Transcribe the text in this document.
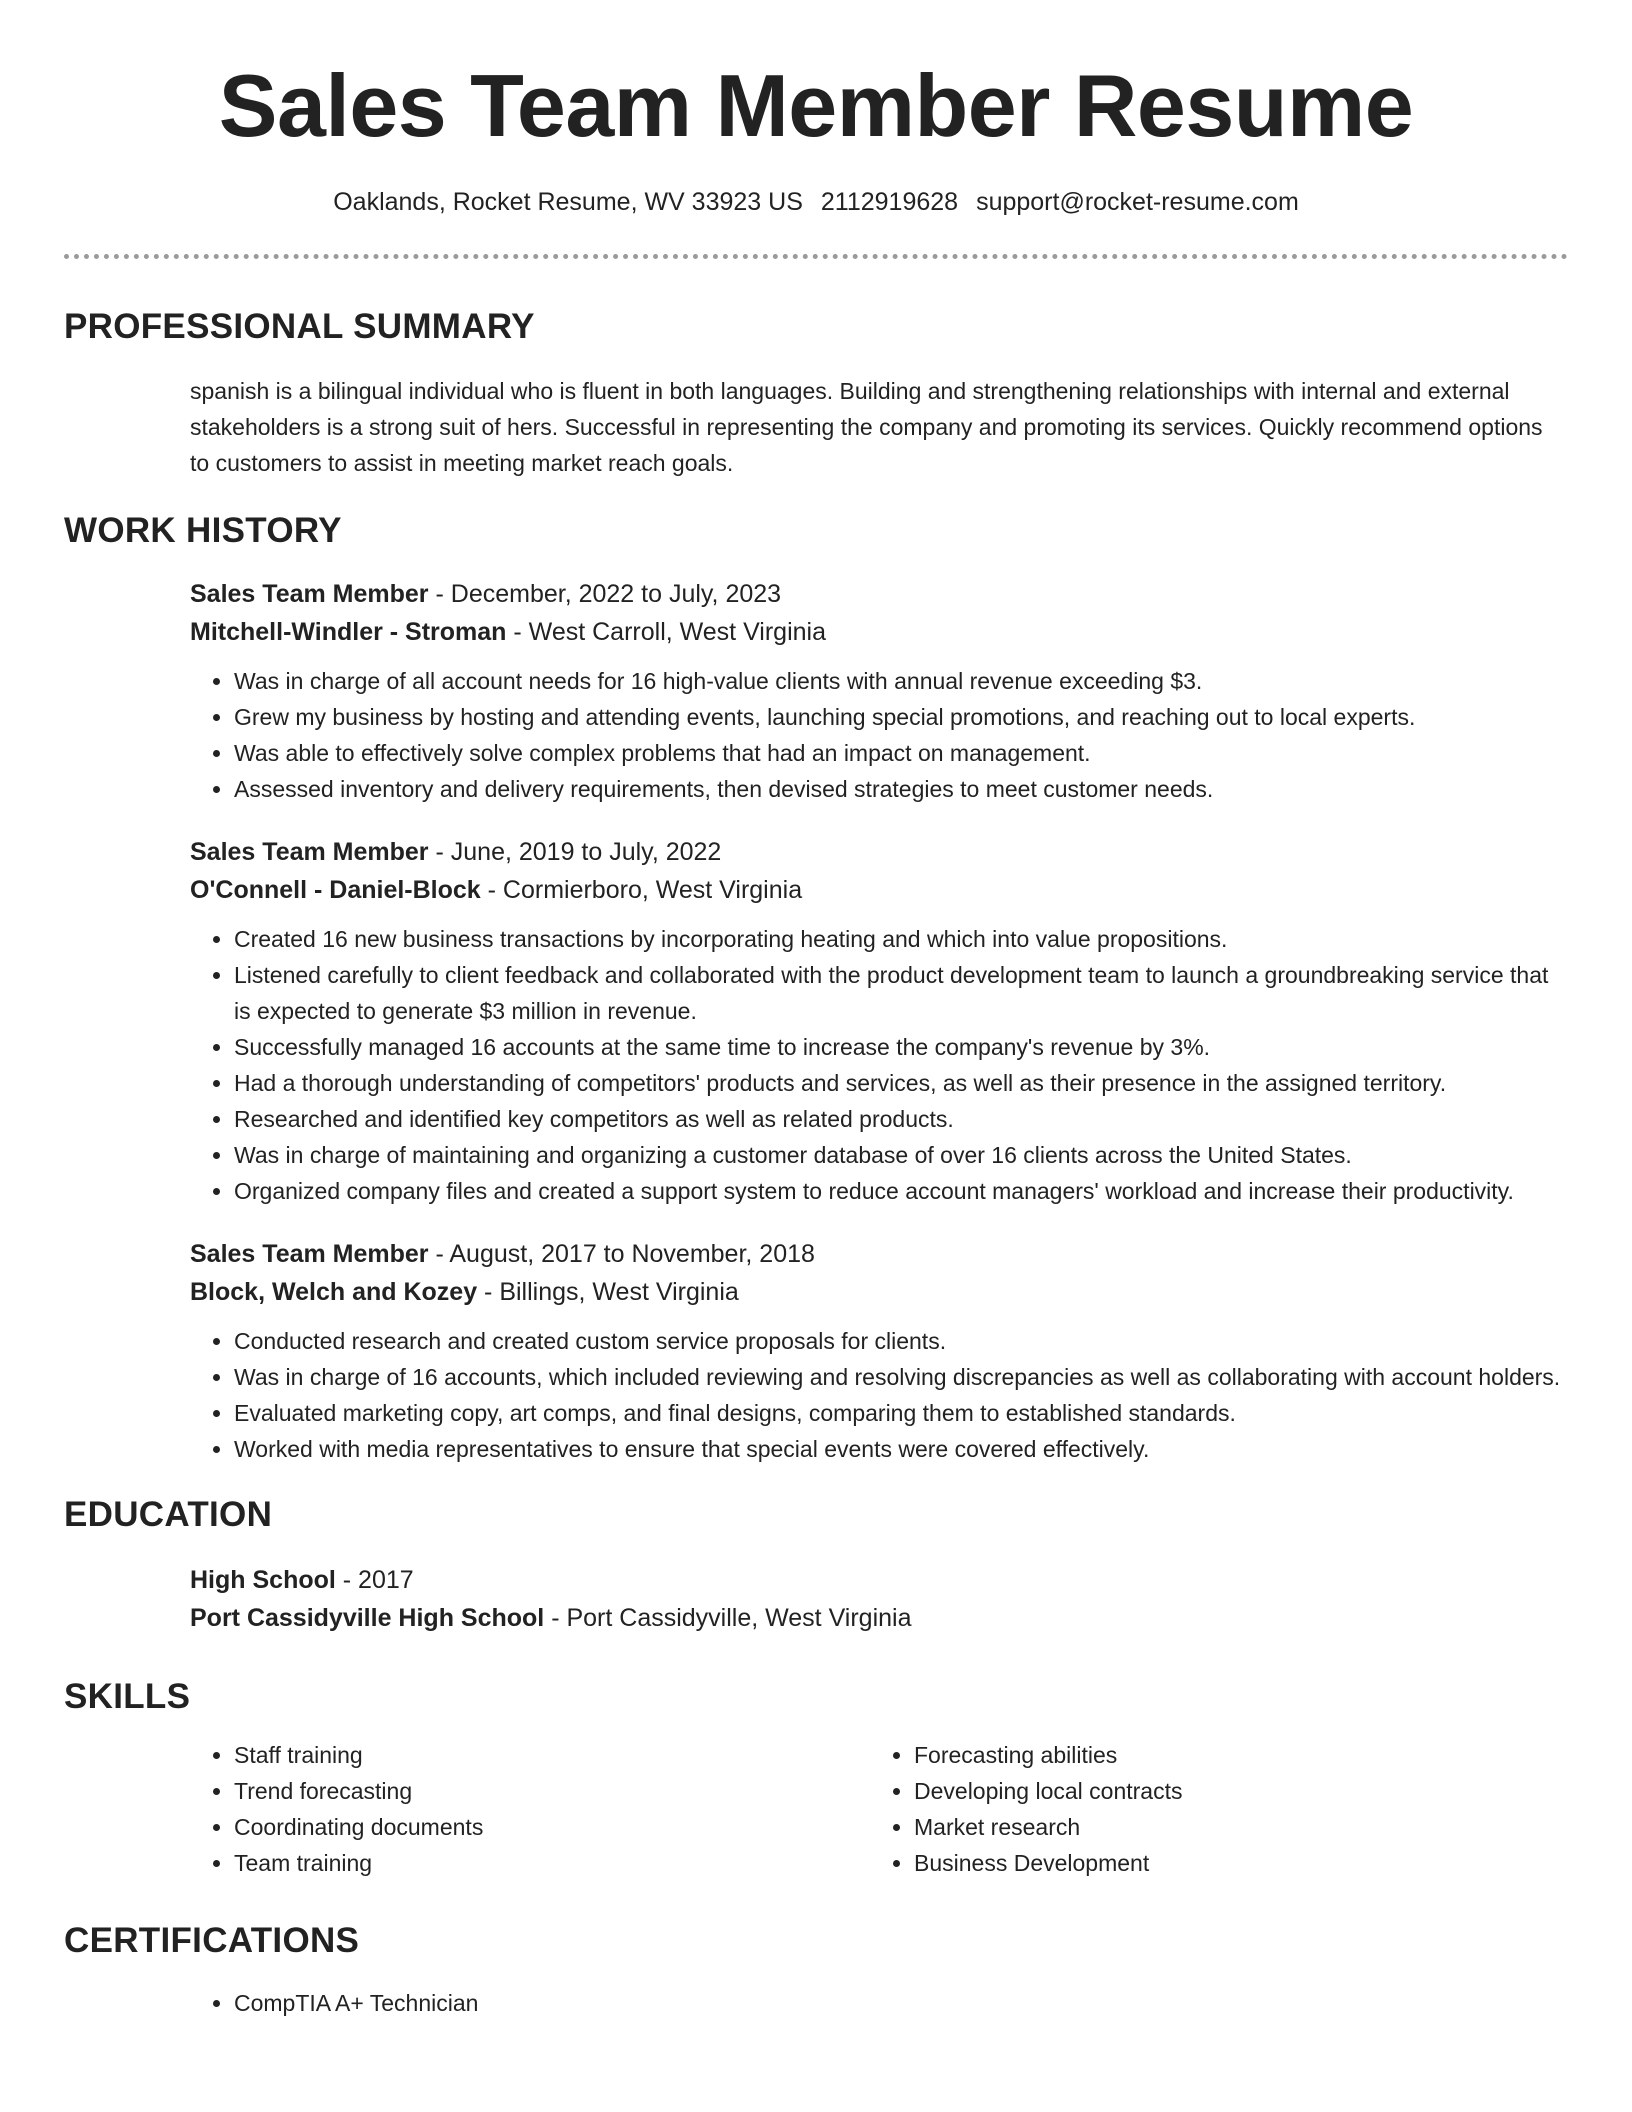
Sales Team Member Resume
Oaklands, Rocket Resume, WV 33923 US 2112919628 support@rocket-resume.com
PROFESSIONAL SUMMARY
spanish is a bilingual individual who is fluent in both languages. Building and strengthening relationships with internal and external stakeholders is a strong suit of hers. Successful in representing the company and promoting its services. Quickly recommend options to customers to assist in meeting market reach goals.
WORK HISTORY
Sales Team Member - December, 2022 to July, 2023
Mitchell-Windler - Stroman - West Carroll, West Virginia
• Was in charge of all account needs for 16 high-value clients with annual revenue exceeding $3.
• Grew my business by hosting and attending events, launching special promotions, and reaching out to local experts.
• Was able to effectively solve complex problems that had an impact on management.
• Assessed inventory and delivery requirements, then devised strategies to meet customer needs.
Sales Team Member - June, 2019 to July, 2022
O'Connell - Daniel-Block - Cormierboro, West Virginia
• Created 16 new business transactions by incorporating heating and which into value propositions.
• Listened carefully to client feedback and collaborated with the product development team to launch a groundbreaking service that is expected to generate $3 million in revenue.
• Successfully managed 16 accounts at the same time to increase the company's revenue by 3%.
• Had a thorough understanding of competitors' products and services, as well as their presence in the assigned territory.
• Researched and identified key competitors as well as related products.
• Was in charge of maintaining and organizing a customer database of over 16 clients across the United States.
• Organized company files and created a support system to reduce account managers' workload and increase their productivity.
Sales Team Member - August, 2017 to November, 2018
Block, Welch and Kozey - Billings, West Virginia
• Conducted research and created custom service proposals for clients.
• Was in charge of 16 accounts, which included reviewing and resolving discrepancies as well as collaborating with account holders.
• Evaluated marketing copy, art comps, and final designs, comparing them to established standards.
• Worked with media representatives to ensure that special events were covered effectively.
EDUCATION
High School - 2017
Port Cassidyville High School - Port Cassidyville, West Virginia
SKILLS
• Staff training
• Trend forecasting
• Coordinating documents
• Team training
• Forecasting abilities
• Developing local contracts
• Market research
• Business Development
CERTIFICATIONS
• CompTIA A+ Technician
